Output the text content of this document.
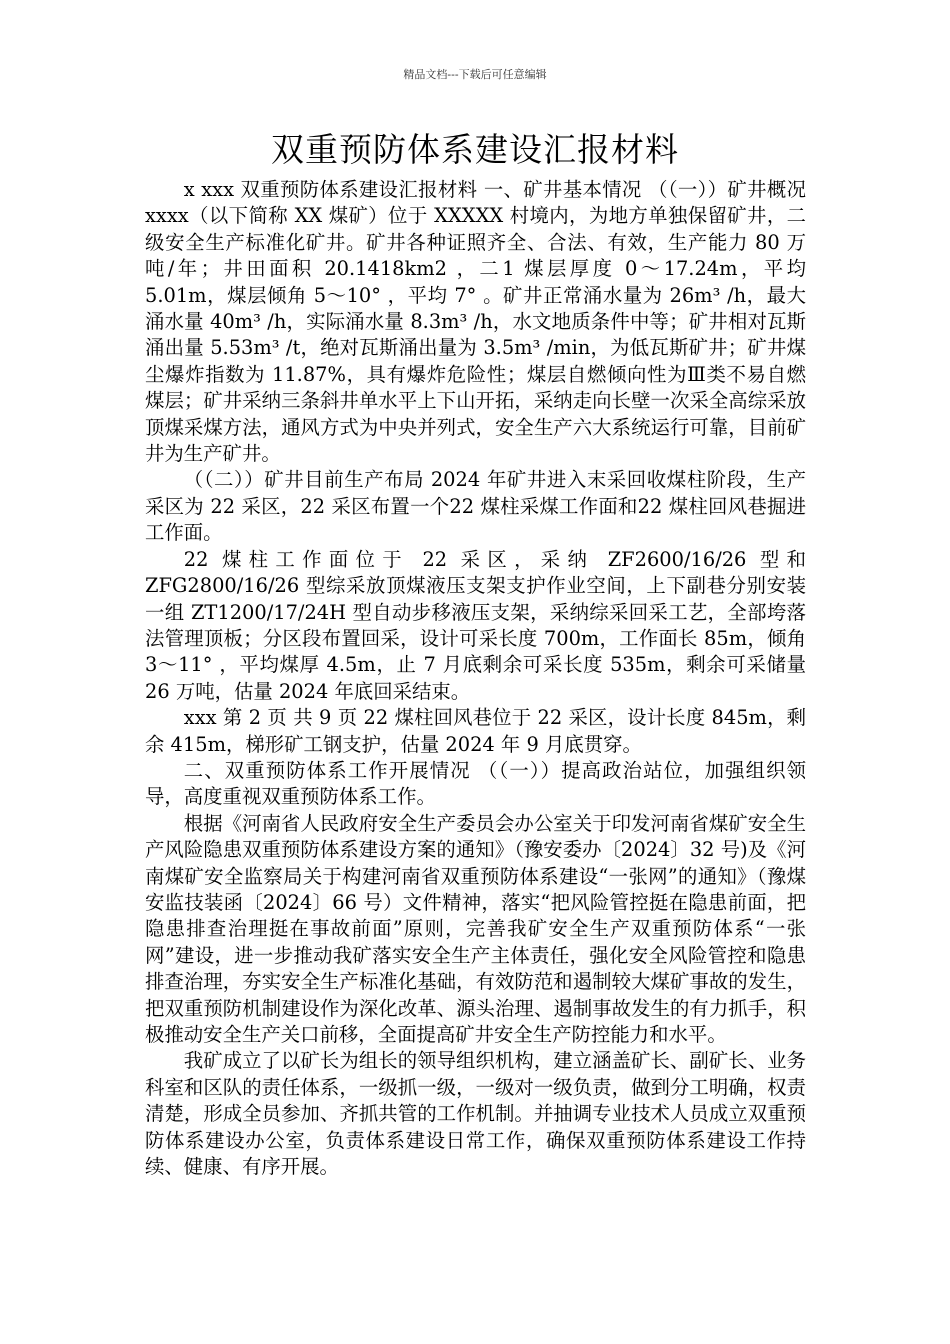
精品文档---下载后可任意编辑
双重预防体系建设汇报材料

x xxx 双重预防体系建设汇报材料 一、矿井基本情况 （（一））矿井概况 xxxx（以下简称 XX 煤矿）位于 XXXXX 村境内，为地方单独保留矿井，二级安全生产标准化矿井。矿井各种证照齐全、合法、有效，生产能力 80 万吨/年；井田面积 20.1418km2 ，二1 煤层厚度 0～17.24m，平均 5.01m，煤层倾角 5～10° ，平均 7° 。矿井正常涌水量为 26m³ /h，最大涌水量 40m³ /h，实际涌水量 8.3m³ /h，水文地质条件中等；矿井相对瓦斯涌出量 5.53m³ /t，绝对瓦斯涌出量为 3.5m³ /min，为低瓦斯矿井；矿井煤尘爆炸指数为 11.87%，具有爆炸危险性；煤层自燃倾向性为Ⅲ类不易自燃煤层；矿井采纳三条斜井单水平上下山开拓，采纳走向长壁一次采全高综采放顶煤采煤方法，通风方式为中央并列式，安全生产六大系统运行可靠，目前矿井为生产矿井。

（（二））矿井目前生产布局 2024 年矿井进入末采回收煤柱阶段，生产采区为 22 采区，22 采区布置一个22 煤柱采煤工作面和22 煤柱回风巷掘进工作面。

22 煤柱工作面位于 22 采区，采纳 ZF2600/16/26 型和 ZFG2800/16/26 型综采放顶煤液压支架支护作业空间，上下副巷分别安装一组 ZT1200/17/24H 型自动步移液压支架，采纳综采回采工艺，全部垮落法管理顶板；分区段布置回采，设计可采长度 700m，工作面长 85m，倾角 3～11° ，平均煤厚 4.5m，止 7 月底剩余可采长度 535m，剩余可采储量 26 万吨，估量 2024 年底回采结束。

xxx 第 2 页 共 9 页 22 煤柱回风巷位于 22 采区，设计长度 845m，剩余 415m，梯形矿工钢支护，估量 2024 年 9 月底贯穿。

二、双重预防体系工作开展情况 （（一））提高政治站位，加强组织领导，高度重视双重预防体系工作。

根据《河南省人民政府安全生产委员会办公室关于印发河南省煤矿安全生产风险隐患双重预防体系建设方案的通知》（豫安委办〔2024〕32 号)及《河南煤矿安全监察局关于构建河南省双重预防体系建设“一张网”的通知》（豫煤安监技装函〔2024〕66 号）文件精神，落实“把风险管控挺在隐患前面，把隐患排查治理挺在事故前面”原则，完善我矿安全生产双重预防体系“一张网”建设，进一步推动我矿落实安全生产主体责任，强化安全风险管控和隐患排查治理，夯实安全生产标准化基础，有效防范和遏制较大煤矿事故的发生，把双重预防机制建设作为深化改革、源头治理、遏制事故发生的有力抓手，积极推动安全生产关口前移，全面提高矿井安全生产防控能力和水平。

我矿成立了以矿长为组长的领导组织机构，建立涵盖矿长、副矿长、业务科室和区队的责任体系，一级抓一级，一级对一级负责，做到分工明确，权责清楚，形成全员参加、齐抓共管的工作机制。并抽调专业技术人员成立双重预防体系建设办公室，负责体系建设日常工作，确保双重预防体系建设工作持续、健康、有序开展。
